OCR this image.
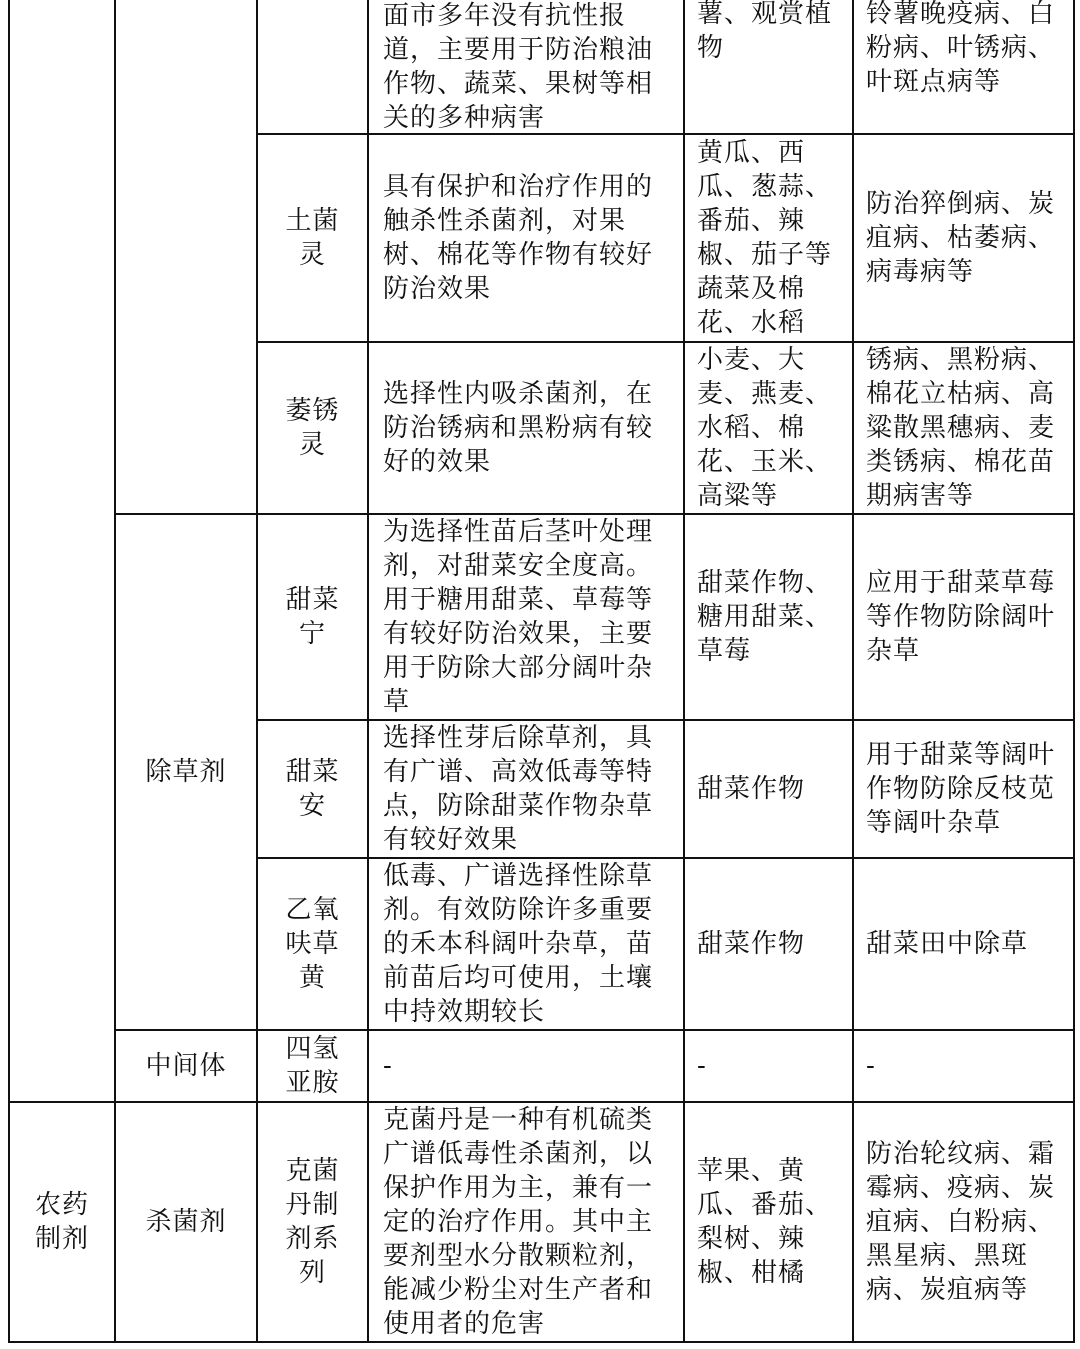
面市多年没有抗性报道，主要用于防治粮油作物、蔬菜、果树等相关的多种病害
薯、观赏植物
铃薯晚疫病、白粉病、叶锈病、叶斑点病等
土菌灵
具有保护和治疗作用的触杀性杀菌剂，对果树、棉花等作物有较好防治效果
黄瓜、西瓜、葱蒜、番茄、辣椒、茄子等蔬菜及棉花、水稻
防治猝倒病、炭疽病、枯萎病、病毒病等
萎锈灵
选择性内吸杀菌剂，在防治锈病和黑粉病有较好的效果
小麦、大麦、燕麦、水稻、棉花、玉米、高粱等
锈病、黑粉病、棉花立枯病、高粱散黑穗病、麦类锈病、棉花苗期病害等
除草剂
甜菜宁
为选择性苗后茎叶处理剂，对甜菜安全度高。用于糖用甜菜、草莓等有较好防治效果，主要用于防除大部分阔叶杂草
甜菜作物、糖用甜菜、草莓
应用于甜菜草莓等作物防除阔叶杂草
甜菜安
选择性芽后除草剂，具有广谱、高效低毒等特点，防除甜菜作物杂草有较好效果
甜菜作物
用于甜菜等阔叶作物防除反枝苋等阔叶杂草
乙氧呋草黄
低毒、广谱选择性除草剂。有效防除许多重要的禾本科阔叶杂草，苗前苗后均可使用，土壤中持效期较长
甜菜作物 甜菜田中除草
中间体
四氢亚胺
-	-	-
农药制剂
杀菌剂
克菌丹制剂系列
克菌丹是一种有机硫类广谱低毒性杀菌剂，以保护作用为主，兼有一定的治疗作用。其中主要剂型水分散颗粒剂，能减少粉尘对生产者和使用者的危害
苹果、黄瓜、番茄、梨树、辣椒、柑橘
防治轮纹病、霜霉病、疫病、炭疽病、白粉病、黑星病、黑斑病、炭疽病等
